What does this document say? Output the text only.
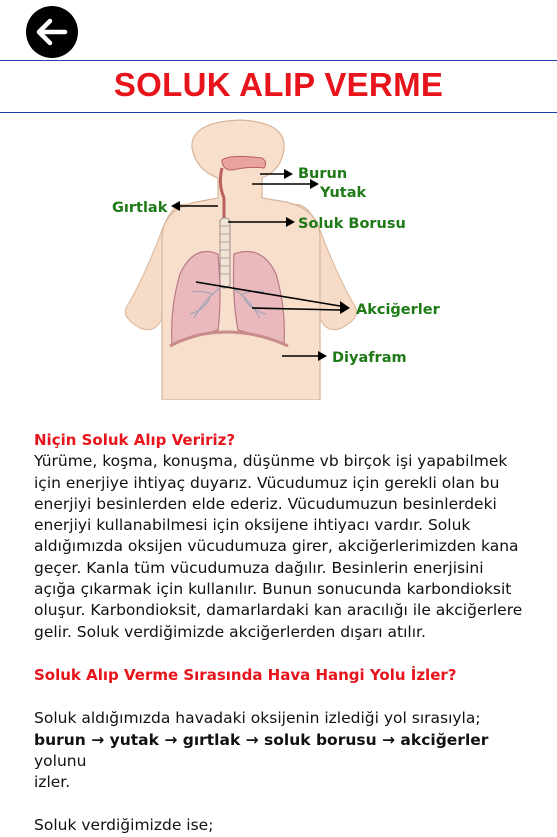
SOLUK ALIP VERME
Burun
Yutak
Gırtlak
Soluk Borusu
Akciğerler
Diyafram

Niçin Soluk Alıp Veririz?

Yürüme, koşma, konuşma, düşünme vb birçok işi yapabilmek

için enerjiye ihtiyaç duyarız. Vücudumuz için gerekli olan bu

enerjiyi besinlerden elde ederiz. Vücudumuzun besinlerdeki

enerjiyi kullanabilmesi için oksijene ihtiyacı vardır. Soluk

aldığımızda oksijen vücudumuza girer, akciğerlerimizden kana

geçer. Kanla tüm vücudumuza dağılır. Besinlerin enerjisini

açığa çıkarmak için kullanılır. Bunun sonucunda karbondioksit

oluşur. Karbondioksit, damarlardaki kan aracılığı ile akciğerlere

gelir. Soluk verdiğimizde akciğerlerden dışarı atılır.

Soluk Alıp Verme Sırasında Hava Hangi Yolu İzler?

Soluk aldığımızda havadaki oksijenin izlediği yol sırasıyla;

burun → yutak → gırtlak → soluk borusu → akciğerler yolunu

izler.

Soluk verdiğimizde ise;
